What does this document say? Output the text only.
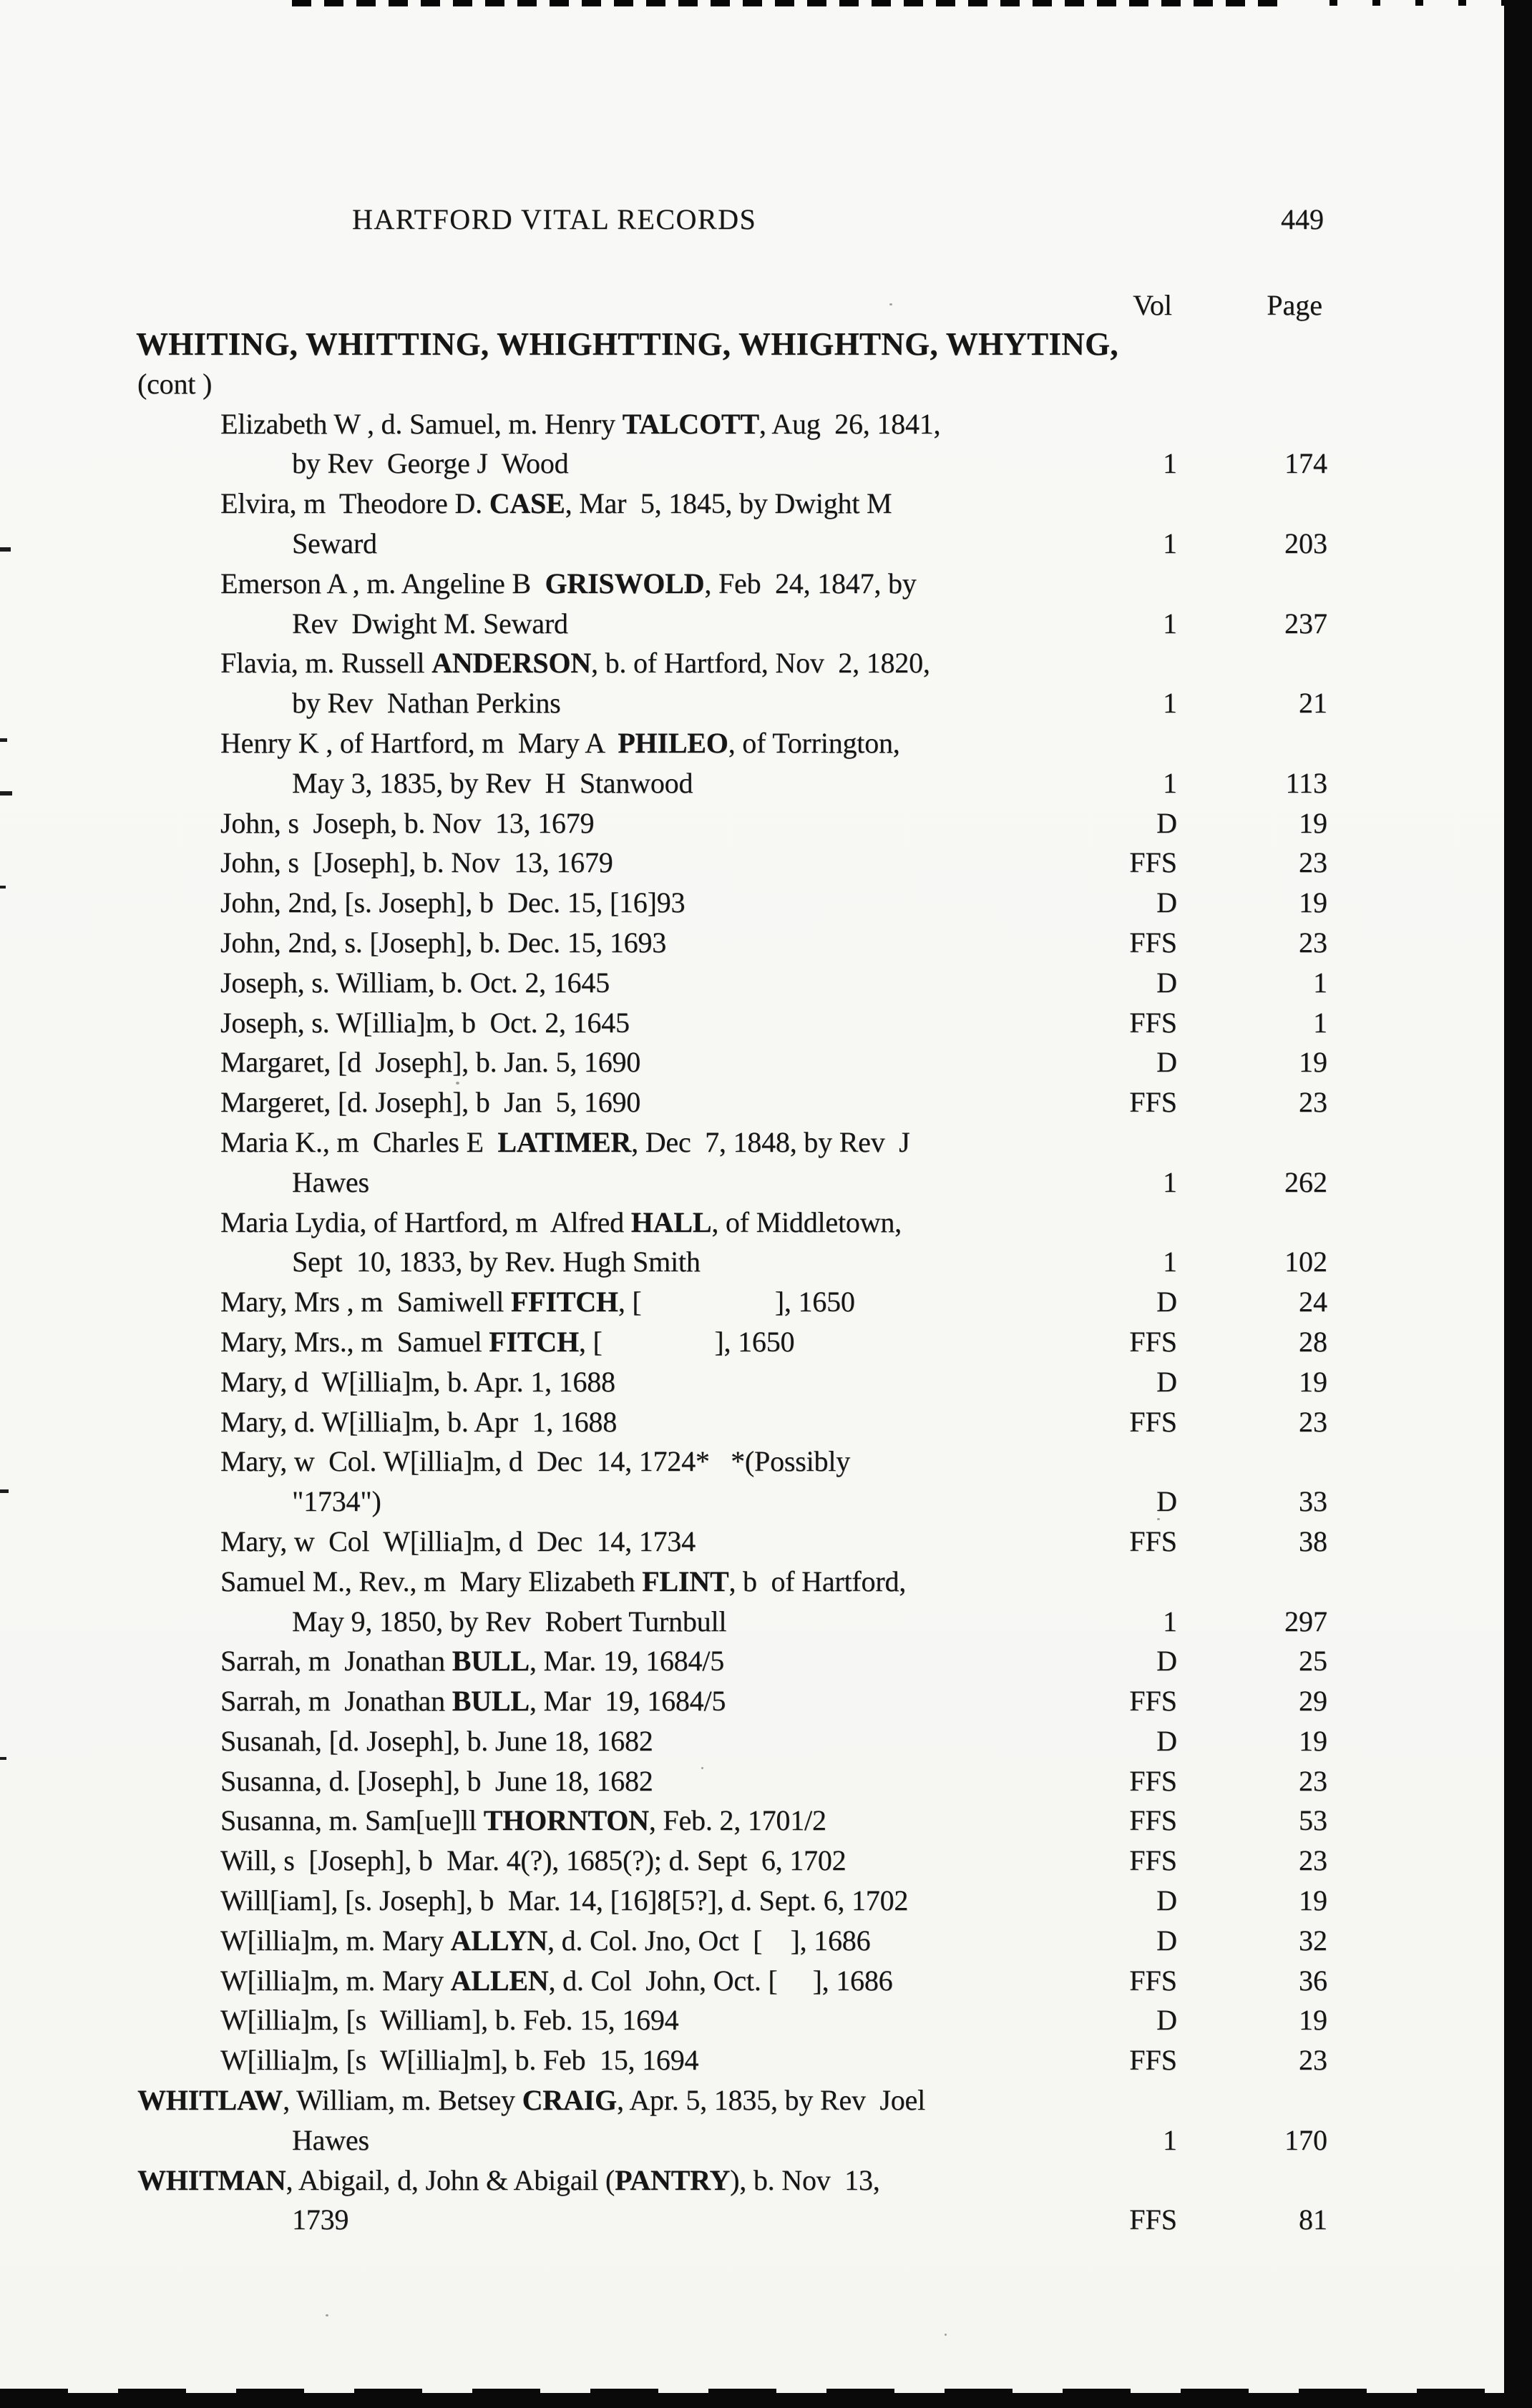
HARTFORD VITAL RECORDS	449
Vol	Page
WHITING, WHITTING, WHIGHTTING, WHIGHTNG, WHYTING,
(cont )
Elizabeth W , d. Samuel, m. Henry TALCOTT, Aug  26, 1841,
by Rev  George J  Wood	1	174
Elvira, m  Theodore D. CASE, Mar  5, 1845, by Dwight M
Seward	1	203
Emerson A , m. Angeline B  GRISWOLD, Feb  24, 1847, by
Rev  Dwight M. Seward	1	237
Flavia, m. Russell ANDERSON, b. of Hartford, Nov  2, 1820,
by Rev  Nathan Perkins	1	21
Henry K , of Hartford, m  Mary A  PHILEO, of Torrington,
May 3, 1835, by Rev  H  Stanwood	1	113
John, s  Joseph, b. Nov  13, 1679	D	19
John, s  [Joseph], b. Nov  13, 1679	FFS	23
John, 2nd, [s. Joseph], b  Dec. 15, [16]93	D	19
John, 2nd, s. [Joseph], b. Dec. 15, 1693	FFS	23
Joseph, s. William, b. Oct. 2, 1645	D	1
Joseph, s. W[illia]m, b  Oct. 2, 1645	FFS	1
Margaret, [d  Joseph], b. Jan. 5, 1690	D	19
Margeret, [d. Joseph], b  Jan  5, 1690	FFS	23
Maria K., m  Charles E  LATIMER, Dec  7, 1848, by Rev  J
Hawes	1	262
Maria Lydia, of Hartford, m  Alfred HALL, of Middletown,
Sept  10, 1833, by Rev. Hugh Smith	1	102
Mary, Mrs , m  Samiwell FFITCH, [                   ], 1650	D	24
Mary, Mrs., m  Samuel FITCH, [                ], 1650	FFS	28
Mary, d  W[illia]m, b. Apr. 1, 1688	D	19
Mary, d. W[illia]m, b. Apr  1, 1688	FFS	23
Mary, w  Col. W[illia]m, d  Dec  14, 1724*   *(Possibly
"1734")	D	33
Mary, w  Col  W[illia]m, d  Dec  14, 1734	FFS	38
Samuel M., Rev., m  Mary Elizabeth FLINT, b  of Hartford,
May 9, 1850, by Rev  Robert Turnbull	1	297
Sarrah, m  Jonathan BULL, Mar. 19, 1684/5	D	25
Sarrah, m  Jonathan BULL, Mar  19, 1684/5	FFS	29
Susanah, [d. Joseph], b. June 18, 1682	D	19
Susanna, d. [Joseph], b  June 18, 1682	FFS	23
Susanna, m. Sam[ue]ll THORNTON, Feb. 2, 1701/2	FFS	53
Will, s  [Joseph], b  Mar. 4(?), 1685(?); d. Sept  6, 1702	FFS	23
Will[iam], [s. Joseph], b  Mar. 14, [16]8[5?], d. Sept. 6, 1702	D	19
W[illia]m, m. Mary ALLYN, d. Col. Jno, Oct  [    ], 1686	D	32
W[illia]m, m. Mary ALLEN, d. Col  John, Oct. [     ], 1686	FFS	36
W[illia]m, [s  William], b. Feb. 15, 1694	D	19
W[illia]m, [s  W[illia]m], b. Feb  15, 1694	FFS	23
WHITLAW, William, m. Betsey CRAIG, Apr. 5, 1835, by Rev  Joel
Hawes	1	170
WHITMAN, Abigail, d, John & Abigail (PANTRY), b. Nov  13,
1739	FFS	81
